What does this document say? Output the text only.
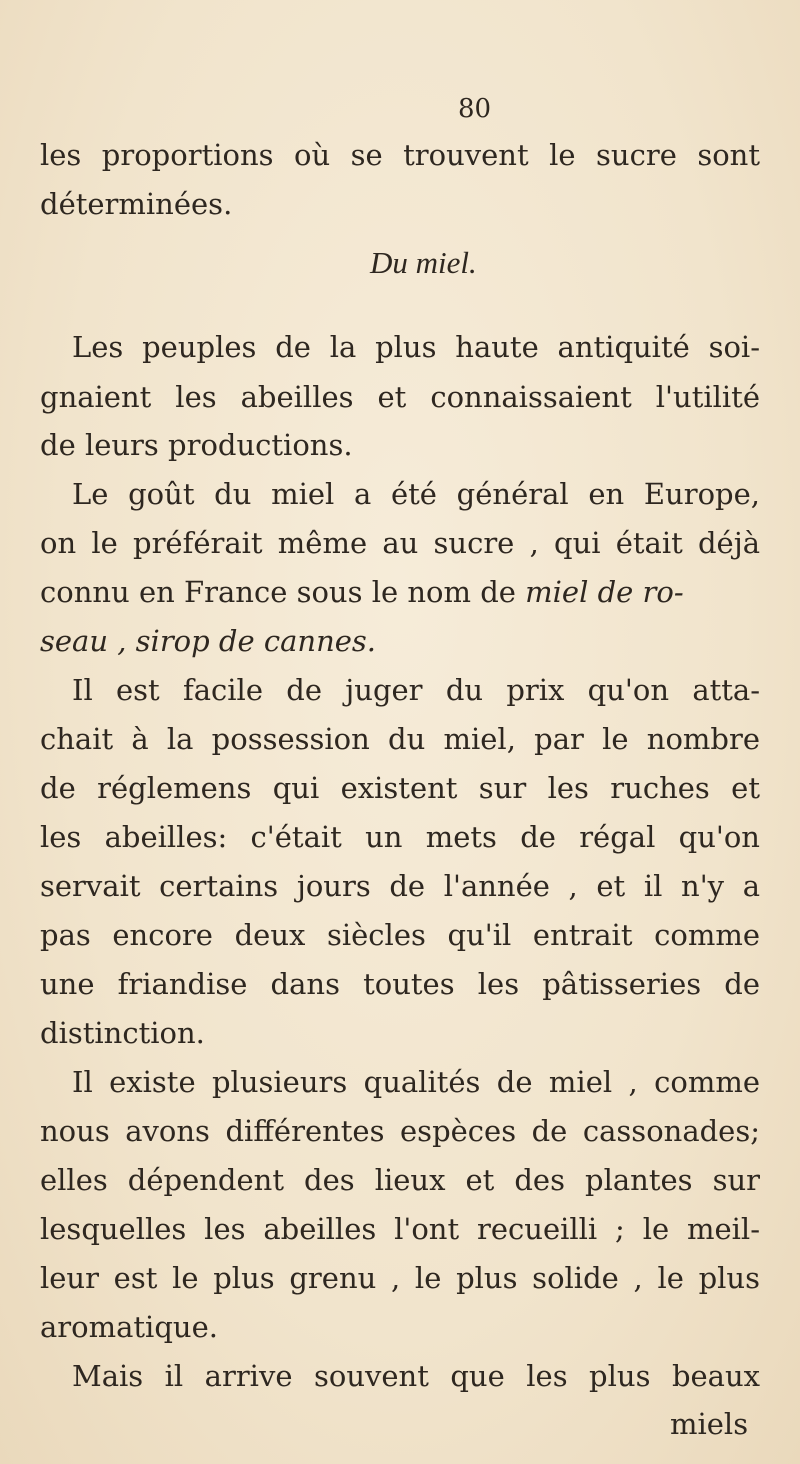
80
les proportions où se trouvent le sucre sont
déterminées.
Du miel.
Les peuples de la plus haute antiquité soi-
gnaient les abeilles et connaissaient l'utilité
de leurs productions.
Le goût du miel a été général en Europe,
on le préférait même au sucre , qui était déjà
connu en France sous le nom de miel de ro-
seau , sirop de cannes.
Il est facile de juger du prix qu'on atta-
chait à la possession du miel, par le nombre
de réglemens qui existent sur les ruches et
les abeilles: c'était un mets de régal qu'on
servait certains jours de l'année , et il n'y a
pas encore deux siècles qu'il entrait comme
une friandise dans toutes les pâtisseries de
distinction.
Il existe plusieurs qualités de miel , comme
nous avons différentes espèces de cassonades;
elles dépendent des lieux et des plantes sur
lesquelles les abeilles l'ont recueilli ; le meil-
leur est le plus grenu , le plus solide , le plus
aromatique.
Mais il arrive souvent que les plus beaux
miels
